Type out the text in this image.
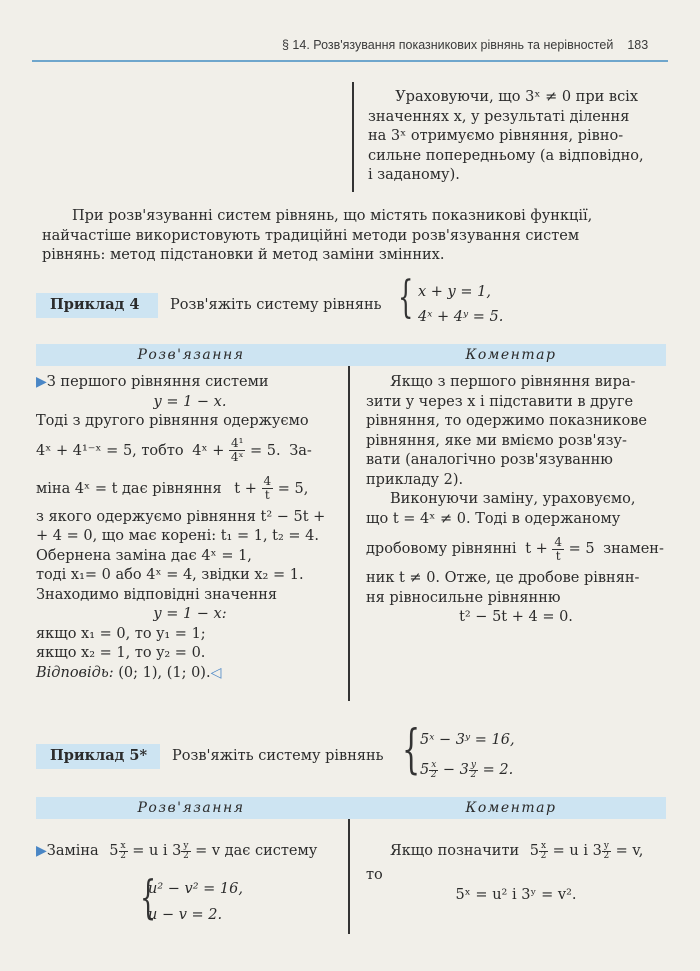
§ 14. Розв'язування показникових рівнянь та нерівностей 183
Ураховуючи, що 3ˣ ≠ 0 при всіх
значеннях x, у результаті ділення
на 3ˣ отримуємо рівняння, рівно-
сильне попередньому (а відповідно,
і заданому).
При розв'язуванні систем рівнянь, що містять показникові функції,
найчастіше використовують традиційні методи розв'язування систем
рівнянь: метод підстановки й метод заміни змінних.
Приклад 4 Розв'яжіть систему рівнянь { x + y = 1,
4ˣ + 4ʸ = 5.
Розв'язання	Коментар
▶З першого рівняння системи
y = 1 − x.
Тоді з другого рівняння одержуємо
4ˣ + 4¹⁻ˣ = 5, тобто 4ˣ + $\frac{\text{4¹}}{\text{4ˣ}} = 5$. За-
міна 4ˣ = t дає рівняння $t + \frac{4}{t} = 5$,
з якого одержуємо рівняння t² − 5t +
+ 4 = 0, що має корені: t₁ = 1, t₂ = 4.
Обернена заміна дає 4ˣ = 1,
тоді x₁= 0 або 4ˣ = 4, звідки x₂ = 1.
Знаходимо відповідні значення
y = 1 − x:
якщо x₁ = 0, то y₁ = 1;
якщо x₂ = 1, то y₂ = 0.
Відповідь: (0; 1), (1; 0).◁
Якщо з першого рівняння вира-
зити y через x і підставити в друге
рівняння, то одержимо показникове
рівняння, яке ми вміємо розв'язу-
вати (аналогічно розв'язуванню
прикладу 2).
Виконуючи заміну, ураховуємо,
що t = 4ˣ ≠ 0. Тоді в одержаному
дробовому рівнянні $t + \frac{4}{t} = 5$ знамен-
ник t ≠ 0. Отже, це дробове рівнян-
ня рівносильне рівнянню
t² − 5t + 4 = 0.
Приклад 5* Розв'яжіть систему рівнянь { 5ˣ − 3ʸ = 16,
$5 \frac{x}{2} - 3 \frac{y}{2} = 2$.
Розв'язання	Коментар
▶Заміна $5 \frac{x}{2} = u$ і $3 \frac{y}{2} = v$ дає систему
{
u² − v² = 16,
u − v = 2.
Якщо позначити $5 \frac{x}{2} = u$ і $3 \frac{y}{2} = v$,
то
5ˣ = u² і 3ʸ = v².
